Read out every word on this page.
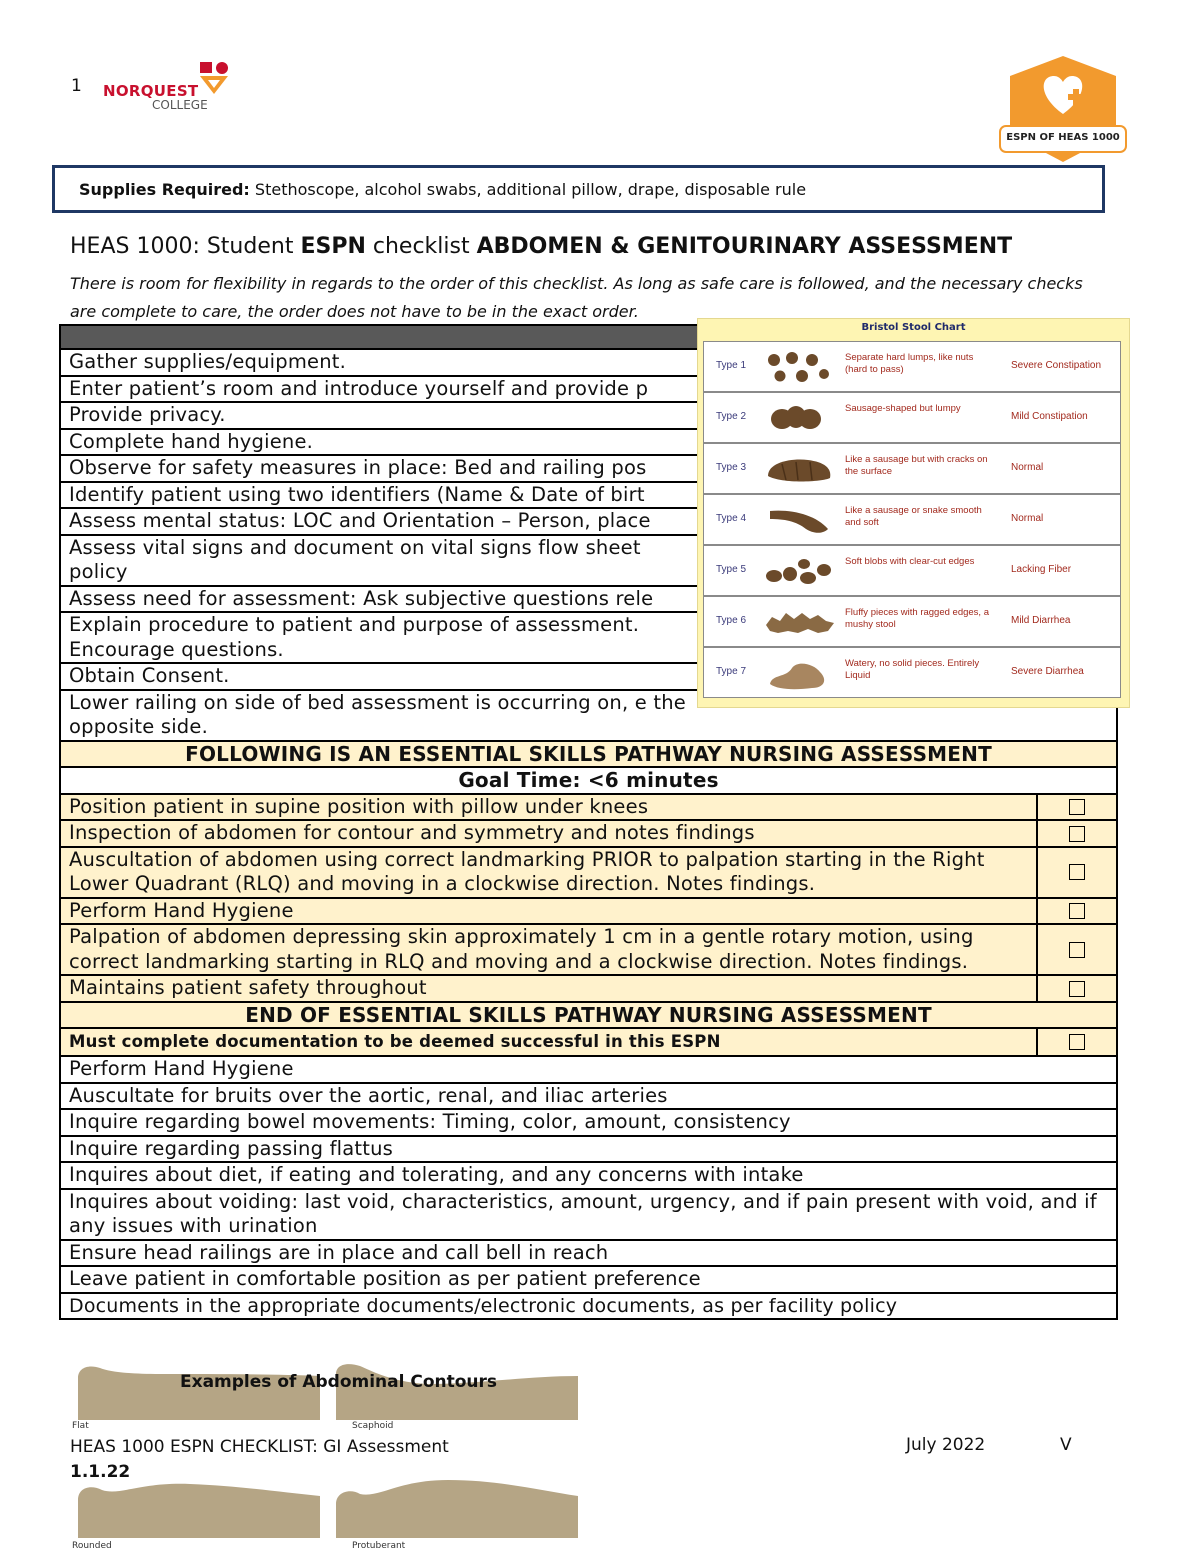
1 NORQUEST
COLLEGE
ESPN OF HEAS 1000
Supplies Required: Stethoscope, alcohol swabs, additional pillow, drape, disposable rule
HEAS 1000: Student ESPN checklist ABDOMEN & GENITOURINARY ASSESSMENT
There is room for flexibility in regards to the order of this checklist. As long as safe care is followed, and the necessary checks are complete to care, the order does not have to be in the exact order.

Gather supplies/equipment.	
Enter patient’s room and introduce yourself and provide p	
Provide privacy.	
Complete hand hygiene.	
Observe for safety measures in place: Bed and railing pos	
Identify patient using two identifiers (Name & Date of birt	
Assess mental status: LOC and Orientation – Person, place	
Assess vital signs and document on vital signs flow sheet policy	
Assess need for assessment: Ask subjective questions rele	
Explain procedure to patient and purpose of assessment. Encourage questions.	
Obtain Consent.	
Lower railing on side of bed assessment is occurring on, e the opposite side.	
FOLLOWING IS AN ESSENTIAL SKILLS PATHWAY NURSING ASSESSMENT	
Goal Time: <6 minutes	
Position patient in supine position with pillow under knees	
Inspection of abdomen for contour and symmetry and notes findings	
Auscultation of abdomen using correct landmarking PRIOR to palpation starting in the Right Lower Quadrant (RLQ) and moving in a clockwise direction. Notes findings.	
Perform Hand Hygiene	
Palpation of abdomen depressing skin approximately 1 cm in a gentle rotary motion, using correct landmarking starting in RLQ and moving and a clockwise direction. Notes findings.	
Maintains patient safety throughout	
END OF ESSENTIAL SKILLS PATHWAY NURSING ASSESSMENT	
Must complete documentation to be deemed successful in this ESPN	
Perform Hand Hygiene	
Auscultate for bruits over the aortic, renal, and iliac arteries	
Inquire regarding bowel movements: Timing, color, amount, consistency	
Inquire regarding passing flattus	
Inquires about diet, if eating and tolerating, and any concerns with intake	
Inquires about voiding: last void, characteristics, amount, urgency, and if pain present with void, and if any issues with urination	
Ensure head railings are in place and call bell in reach	
Leave patient in comfortable position as per patient preference	
Documents in the appropriate documents/electronic documents, as per facility policy	
Bristol Stool Chart
Type 1
Separate hard lumps, like nuts (hard to pass)	Severe Constipation
Type 2
Sausage-shaped but lumpy
Mild Constipation
Type 3
Like a sausage but with cracks on the surface	Normal
Type 4
Like a sausage or snake smooth and soft	Normal
Type 5
Soft blobs with clear-cut edges
Lacking Fiber
Type 6
Fluffy pieces with ragged edges, a mushy stool	Mild Diarrhea
Type 7
Watery, no solid pieces. Entirely Liquid	Severe Diarrhea
Examples of Abdominal Contours
Flat	Scaphoid
Rounded	Protuberant
HEAS 1000 ESPN CHECKLIST: GI Assessment
1.1.22
July 2022	V
